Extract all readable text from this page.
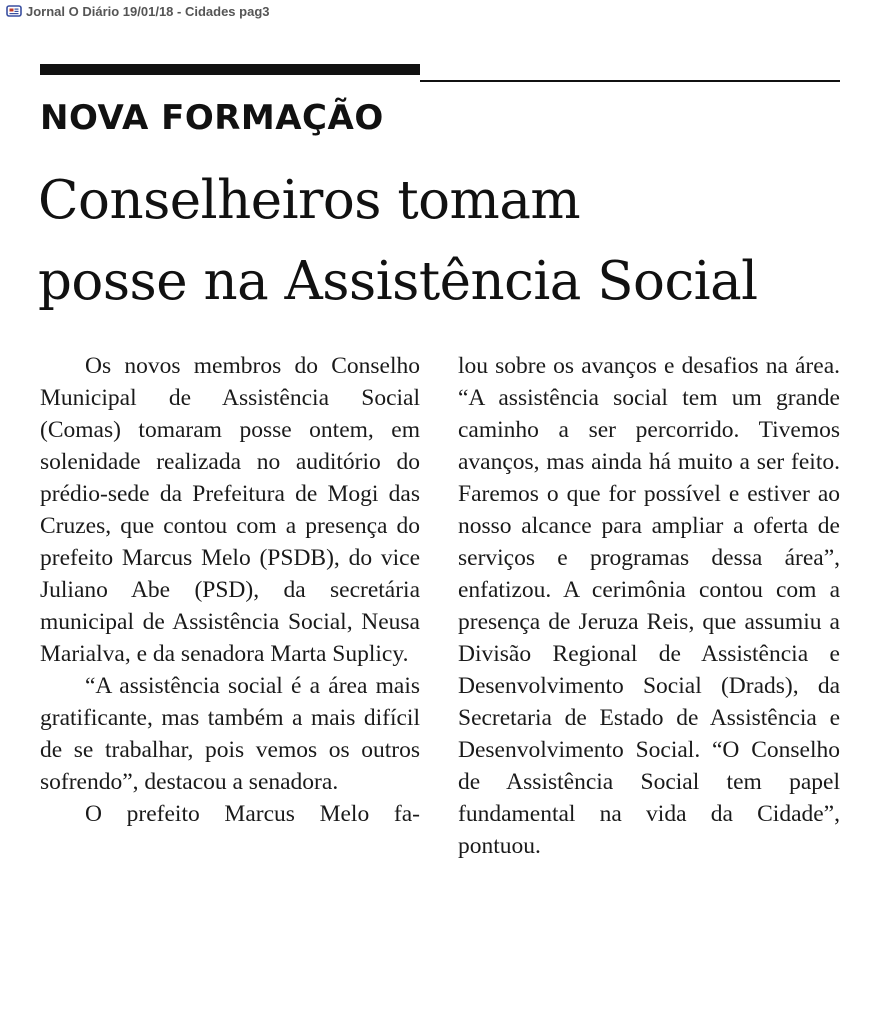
Jornal O Diário 19/01/18 - Cidades pag3
NOVA FORMAÇÃO
Conselheiros tomam
posse na Assistência Social

Os novos membros do Conselho Municipal de Assistência Social (Comas) tomaram posse ontem, em solenidade realizada no auditório do prédio-sede da Prefeitura de Mogi das Cruzes, que contou com a presença do prefeito Marcus Melo (PSDB), do vice Juliano Abe (PSD), da secretária municipal de Assistência Social, Neusa Marialva, e da senadora Marta Suplicy.

“A assistência social é a área mais gratificante, mas também a mais difícil de se trabalhar, pois vemos os outros sofrendo”, destacou a senadora.

O prefeito Marcus Melo fa-

lou sobre os avanços e desafios na área. “A assistência social tem um grande caminho a ser percorrido. Tivemos avanços, mas ainda há muito a ser feito. Faremos o que for possível e estiver ao nosso alcance para ampliar a oferta de serviços e programas dessa área”, enfatizou. A cerimônia contou com a presença de Jeruza Reis, que assumiu a Divisão Regional de Assistência e Desenvolvimento Social (Drads), da Secretaria de Estado de Assistência e Desenvolvimento Social. “O Conselho de Assistência Social tem papel fundamental na vida da Cidade”, pontuou.
